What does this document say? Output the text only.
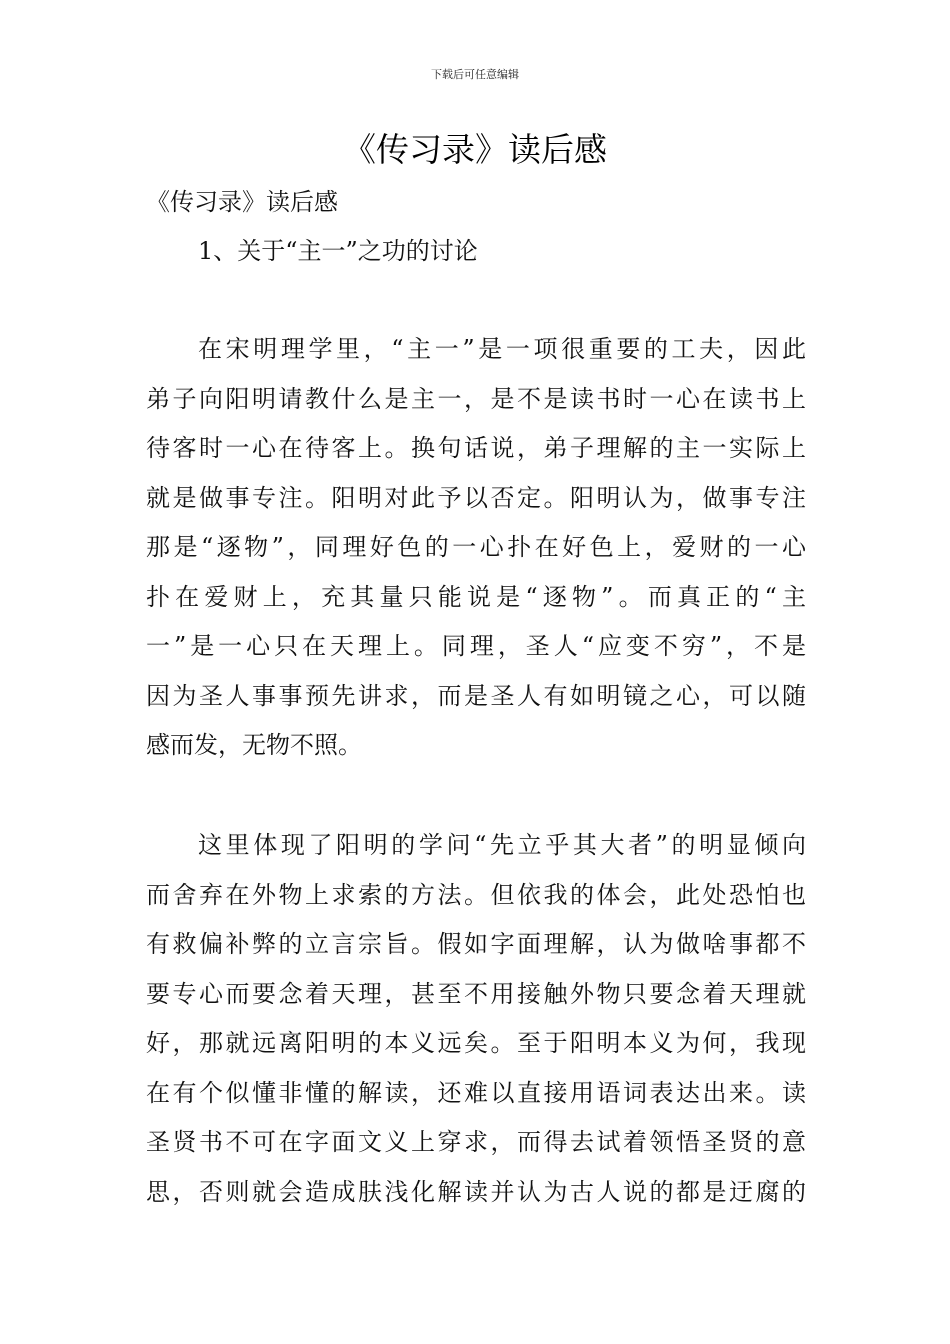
下载后可任意编辑
《传习录》读后感

《传习录》读后感

1、关于“主一”之功的讨论

在宋明理学里，“主一”是一项很重要的工夫，因此
弟子向阳明请教什么是主一，是不是读书时一心在读书上
待客时一心在待客上。换句话说，弟子理解的主一实际上
就是做事专注。阳明对此予以否定。阳明认为，做事专注
那是“逐物”，同理好色的一心扑在好色上，爱财的一心
扑在爱财上，充其量只能说是“逐物”。而真正的“主
一”是一心只在天理上。同理，圣人“应变不穷”，不是
因为圣人事事预先讲求，而是圣人有如明镜之心，可以随
感而发，无物不照。
这里体现了阳明的学问“先立乎其大者”的明显倾向
而舍弃在外物上求索的方法。但依我的体会，此处恐怕也
有救偏补弊的立言宗旨。假如字面理解，认为做啥事都不
要专心而要念着天理，甚至不用接触外物只要念着天理就
好，那就远离阳明的本义远矣。至于阳明本义为何，我现
在有个似懂非懂的解读，还难以直接用语词表达出来。读
圣贤书不可在字面文义上穿求，而得去试着领悟圣贤的意
思，否则就会造成肤浅化解读并认为古人说的都是迂腐的
